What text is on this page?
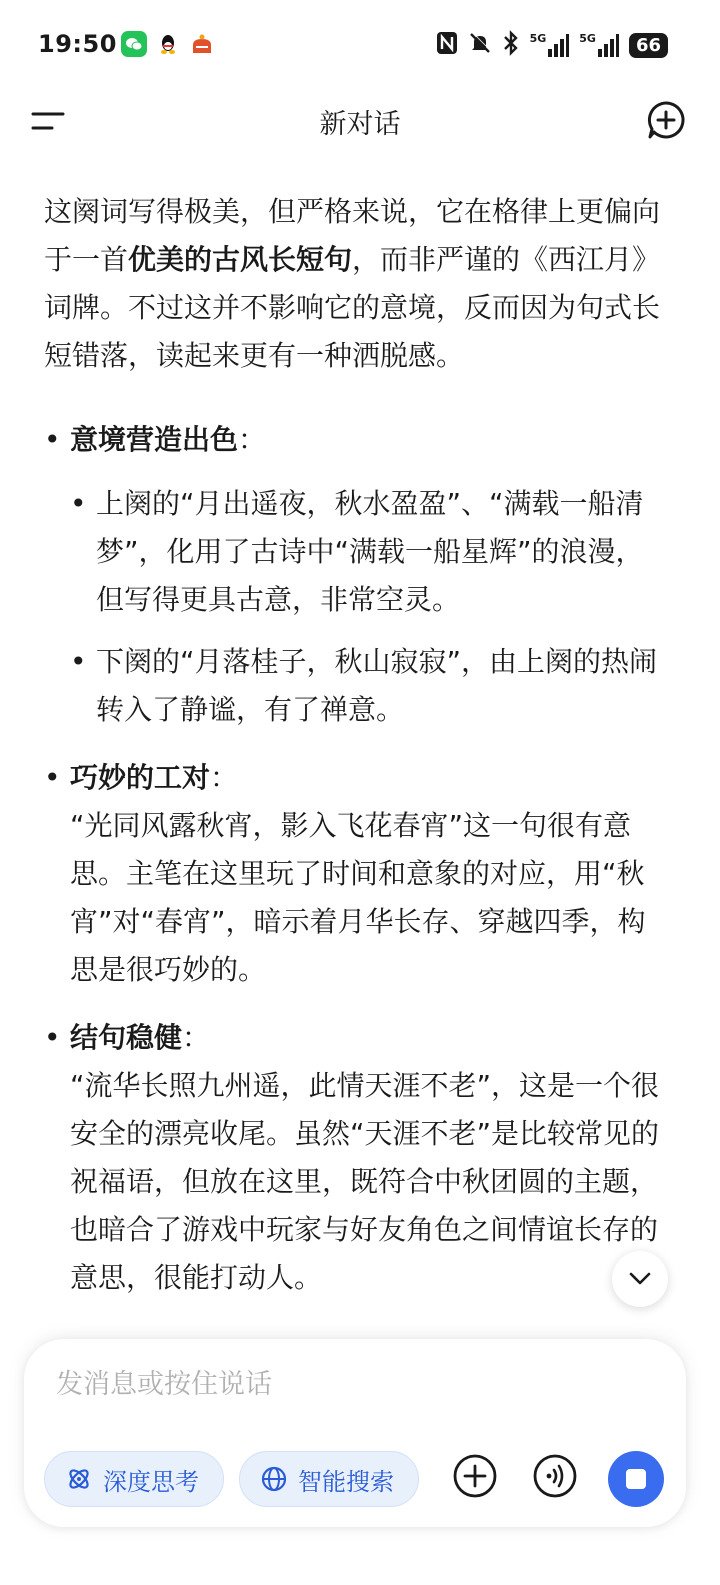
19:50	5G	5G	66
新对话

这阕词写得极美，但严格来说，它在格律上更偏向于一首优美的古风长短句，而非严谨的《西江月》词牌。不过这并不影响它的意境，反而因为句式长短错落，读起来更有一种洒脱感。

• 意境营造出色：
• 上阕的“月出遥夜，秋水盈盈”、“满载一船清梦”，化用了古诗中“满载一船星辉”的浪漫，但写得更具古意，非常空灵。
• 下阕的“月落桂子，秋山寂寂”，由上阕的热闹转入了静谧，有了禅意。
• 巧妙的工对：
“光同风露秋宵，影入飞花春宵”这一句很有意思。主笔在这里玩了时间和意象的对应，用“秋宵”对“春宵”，暗示着月华长存、穿越四季，构思是很巧妙的。
• 结句稳健：
“流华长照九州遥，此情天涯不老”，这是一个很安全的漂亮收尾。虽然“天涯不老”是比较常见的祝福语，但放在这里，既符合中秋团圆的主题，也暗合了游戏中玩家与好友角色之间情谊长存的意思，很能打动人。
发消息或按住说话
深度思考	智能搜索
